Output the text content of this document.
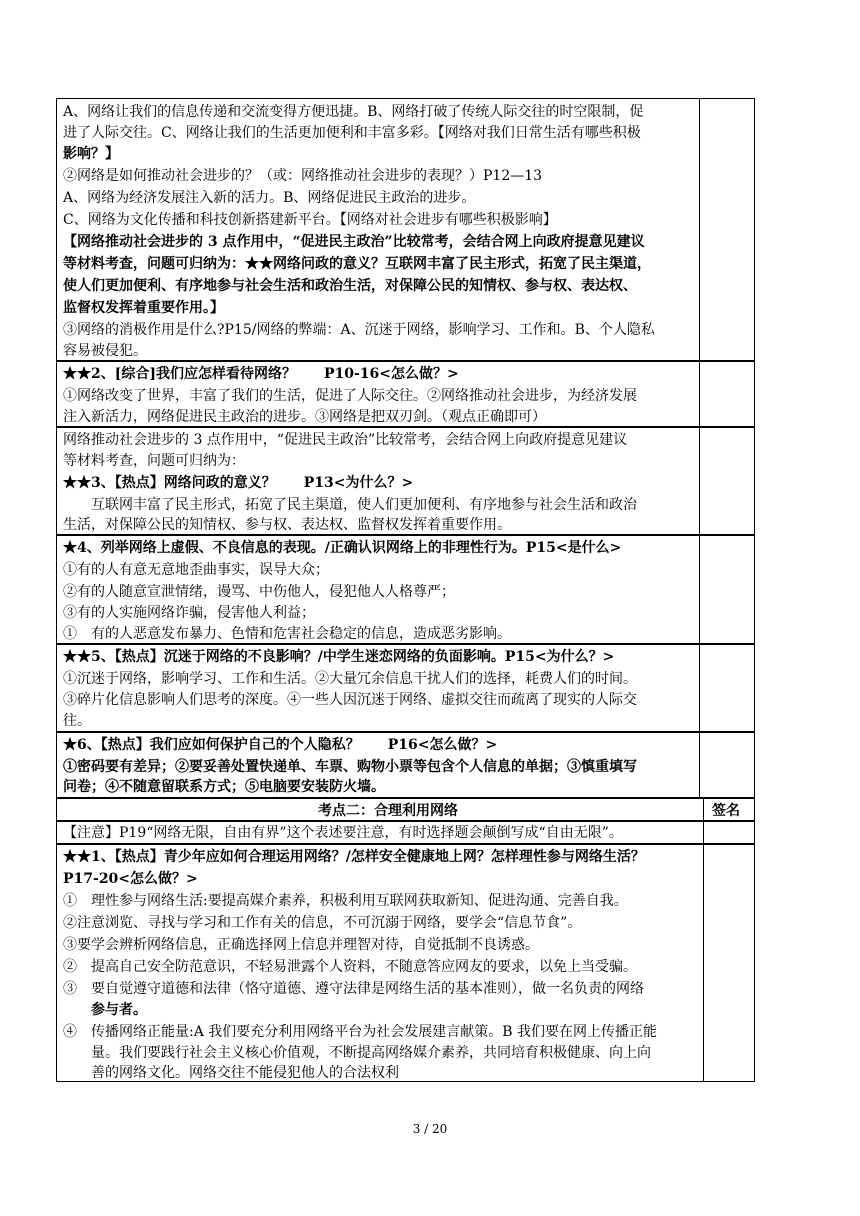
考点二：合理利用网络	签名
A、网络让我们的信息传递和交流变得方便迅捷。B、网络打破了传统人际交往的时空限制，促
进了人际交往。C、网络让我们的生活更加便利和丰富多彩。【网络对我们日常生活有哪些积极
影响？】
②网络是如何推动社会进步的？（或：网络推动社会进步的表现？）P12—13
A、网络为经济发展注入新的活力。B、网络促进民主政治的进步。
C、网络为文化传播和科技创新搭建新平台。【网络对社会进步有哪些积极影响】
【网络推动社会进步的 3 点作用中，“促进民主政治”比较常考，会结合网上向政府提意见建议
等材料考查，问题可归纳为：★★网络问政的意义？互联网丰富了民主形式，拓宽了民主渠道，
使人们更加便利、有序地参与社会生活和政治生活，对保障公民的知情权、参与权、表达权、
监督权发挥着重要作用。】
③网络的消极作用是什么?P15/网络的弊端：A、沉迷于网络，影响学习、工作和。B、个人隐私
容易被侵犯。
★★2、[综合]我们应怎样看待网络？　　P10-16<怎么做？>
①网络改变了世界，丰富了我们的生活，促进了人际交往。②网络推动社会进步，为经济发展
注入新活力，网络促进民主政治的进步。③网络是把双刃剑。（观点正确即可）
网络推动社会进步的 3 点作用中，“促进民主政治”比较常考，会结合网上向政府提意见建议
等材料考查，问题可归纳为：
★★3、【热点】网络问政的意义？　　P13<为什么？>
　　互联网丰富了民主形式，拓宽了民主渠道，使人们更加便利、有序地参与社会生活和政治
生活，对保障公民的知情权、参与权、表达权、监督权发挥着重要作用。
★4、列举网络上虚假、不良信息的表现。/正确认识网络上的非理性行为。P15<是什么>
①有的人有意无意地歪曲事实，误导大众；
②有的人随意宣泄情绪，谩骂、中伤他人，侵犯他人人格尊严；
③有的人实施网络诈骗，侵害他人利益；
①　有的人恶意发布暴力、色情和危害社会稳定的信息，造成恶劣影响。
★★5、【热点】沉迷于网络的不良影响？/中学生迷恋网络的负面影响。P15<为什么？>
①沉迷于网络，影响学习、工作和生活。②大量冗余信息干扰人们的选择，耗费人们的时间。
③碎片化信息影响人们思考的深度。④一些人因沉迷于网络、虚拟交往而疏离了现实的人际交
往。
★6、【热点】我们应如何保护自己的个人隐私？　　P16<怎么做？>
①密码要有差异；②要妥善处置快递单、车票、购物小票等包含个人信息的单据；③慎重填写
问卷；④不随意留联系方式；⑤电脑要安装防火墙。
【注意】P19“网络无限，自由有界”这个表述要注意，有时选择题会颠倒写成“自由无限”。
★★1、【热点】青少年应如何合理运用网络？/怎样安全健康地上网？怎样理性参与网络生活？
P17-20<怎么做？>
①　理性参与网络生活:要提高媒介素养，积极利用互联网获取新知、促进沟通、完善自我。
②注意浏览、寻找与学习和工作有关的信息，不可沉溺于网络，要学会“信息节食”。
③要学会辨析网络信息，正确选择网上信息并理智对待，自觉抵制不良诱惑。
②　提高自己安全防范意识，不轻易泄露个人资料，不随意答应网友的要求，以免上当受骗。
③　要自觉遵守道德和法律（恪守道德、遵守法律是网络生活的基本准则），做一名负责的网络
　　参与者。
④　传播网络正能量:A 我们要充分利用网络平台为社会发展建言献策。B 我们要在网上传播正能
　　量。我们要践行社会主义核心价值观，不断提高网络媒介素养，共同培育积极健康、向上向
　　善的网络文化。网络交往不能侵犯他人的合法权利
3 / 20
